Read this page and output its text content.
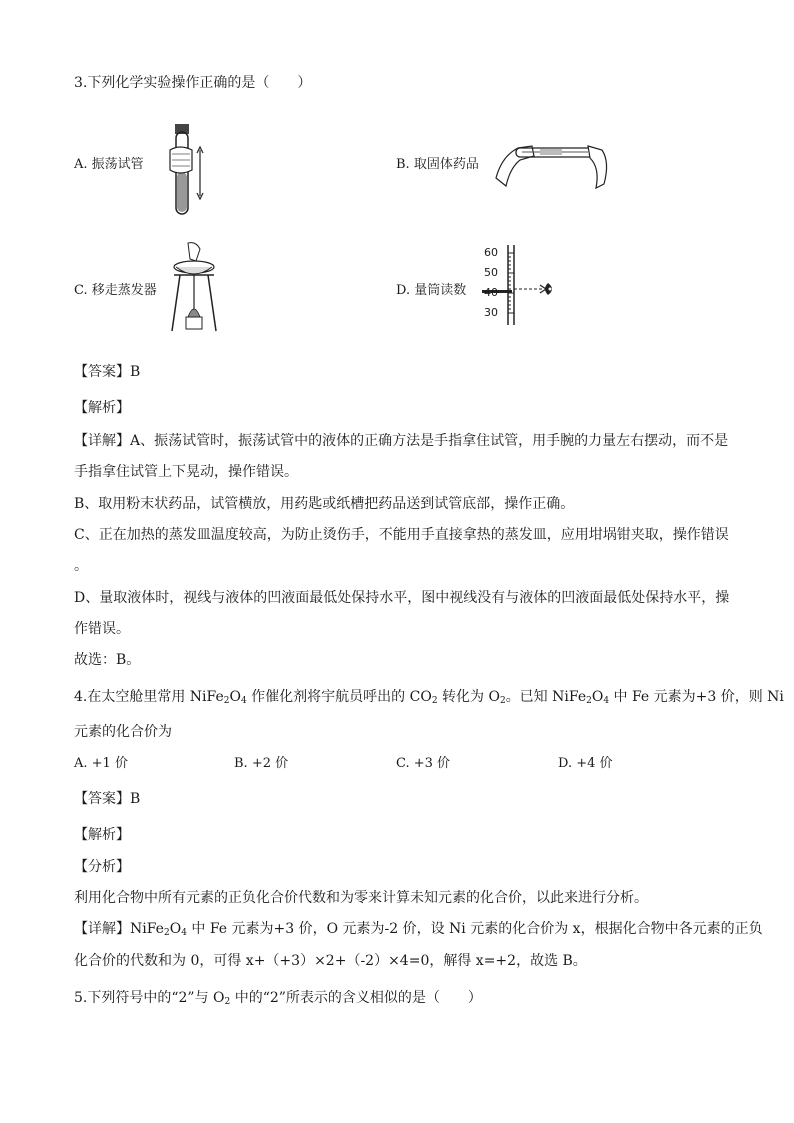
3.下列化学实验操作正确的是（　　）
A. 振荡试管	B. 取固体药品
C. 移走蒸发器	D. 量筒读数
60
50
40
30
【答案】B
【解析】
【详解】A、振荡试管时，振荡试管中的液体的正确方法是手指拿住试管，用手腕的力量左右摆动，而不是
手指拿住试管上下晃动，操作错误。
B、取用粉末状药品，试管横放，用药匙或纸槽把药品送到试管底部，操作正确。
C、正在加热的蒸发皿温度较高，为防止烫伤手，不能用手直接拿热的蒸发皿，应用坩埚钳夹取，操作错误
。
D、量取液体时，视线与液体的凹液面最低处保持水平，图中视线没有与液体的凹液面最低处保持水平，操
作错误。
故选：B。
4.在太空舱里常用 $NiFe_2O_4$ 作催化剂将宇航员呼出的 $CO_2$ 转化为 $O_2$。已知 $NiFe_2O_4$ 中 Fe 元素为+3 价，则 Ni
元素的化合价为
A. +1 价	B. +2 价	C. +3 价	D. +4 价
【答案】B
【解析】
【分析】
利用化合物中所有元素的正负化合价代数和为零来计算未知元素的化合价，以此来进行分析。
【详解】$NiFe_2O_4$ 中 Fe 元素为+3 价，O 元素为-2 价，设 Ni 元素的化合价为 x，根据化合物中各元素的正负
化合价的代数和为 0，可得 x+（+3）×2+（-2）×4=0，解得 x=+2，故选 B。
5.下列符号中的“2”与 $O_2$ 中的“2”所表示的含义相似的是（　　）
